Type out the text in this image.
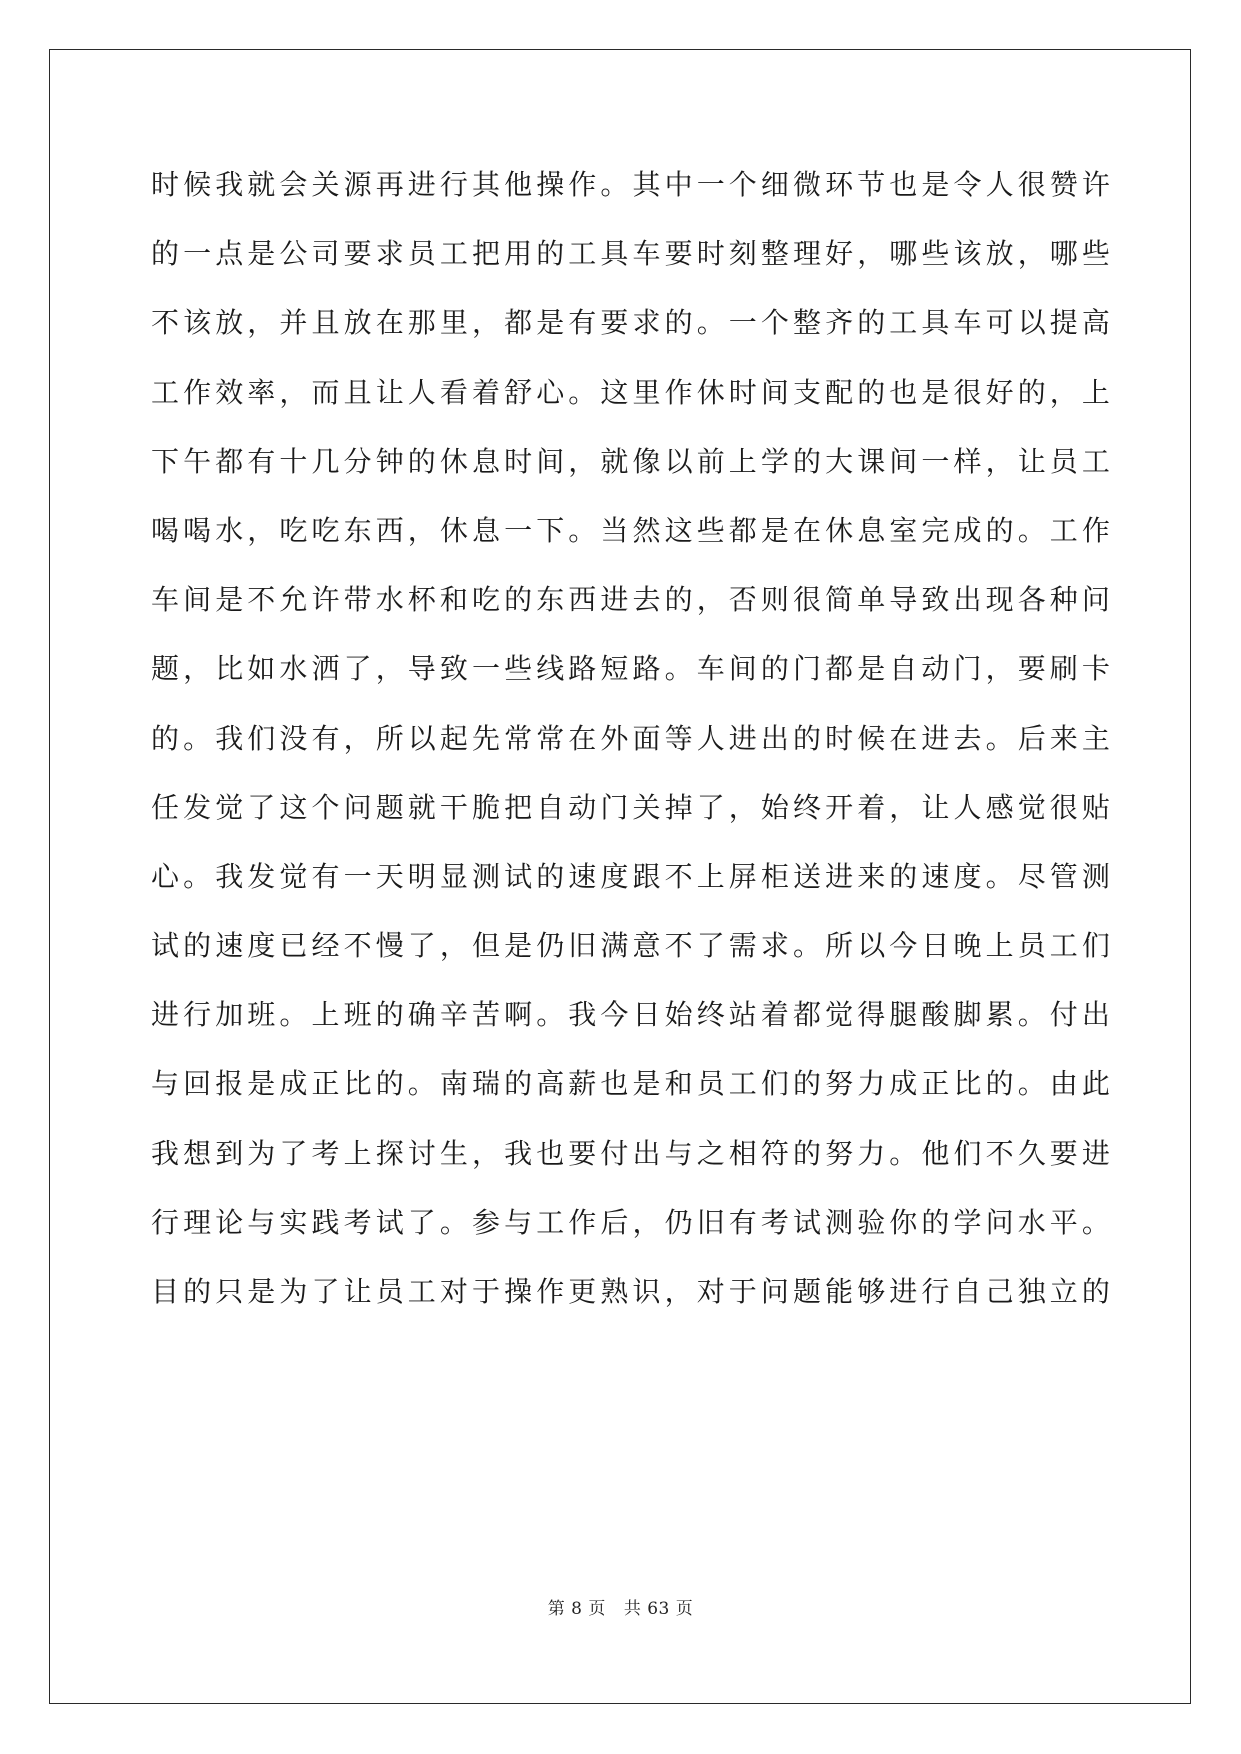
时候我就会关源再进行其他操作。其中一个细微环节也是令人很赞许
的一点是公司要求员工把用的工具车要时刻整理好，哪些该放，哪些
不该放，并且放在那里，都是有要求的。一个整齐的工具车可以提高
工作效率，而且让人看着舒心。这里作休时间支配的也是很好的，上
下午都有十几分钟的休息时间，就像以前上学的大课间一样，让员工
喝喝水，吃吃东西，休息一下。当然这些都是在休息室完成的。工作
车间是不允许带水杯和吃的东西进去的，否则很简单导致出现各种问
题，比如水洒了，导致一些线路短路。车间的门都是自动门，要刷卡
的。我们没有，所以起先常常在外面等人进出的时候在进去。后来主
任发觉了这个问题就干脆把自动门关掉了，始终开着，让人感觉很贴
心。我发觉有一天明显测试的速度跟不上屏柜送进来的速度。尽管测
试的速度已经不慢了，但是仍旧满意不了需求。所以今日晚上员工们
进行加班。上班的确辛苦啊。我今日始终站着都觉得腿酸脚累。付出
与回报是成正比的。南瑞的高薪也是和员工们的努力成正比的。由此
我想到为了考上探讨生，我也要付出与之相符的努力。他们不久要进
行理论与实践考试了。参与工作后，仍旧有考试测验你的学问水平。
目的只是为了让员工对于操作更熟识，对于问题能够进行自己独立的
第 8 页 共 63 页
